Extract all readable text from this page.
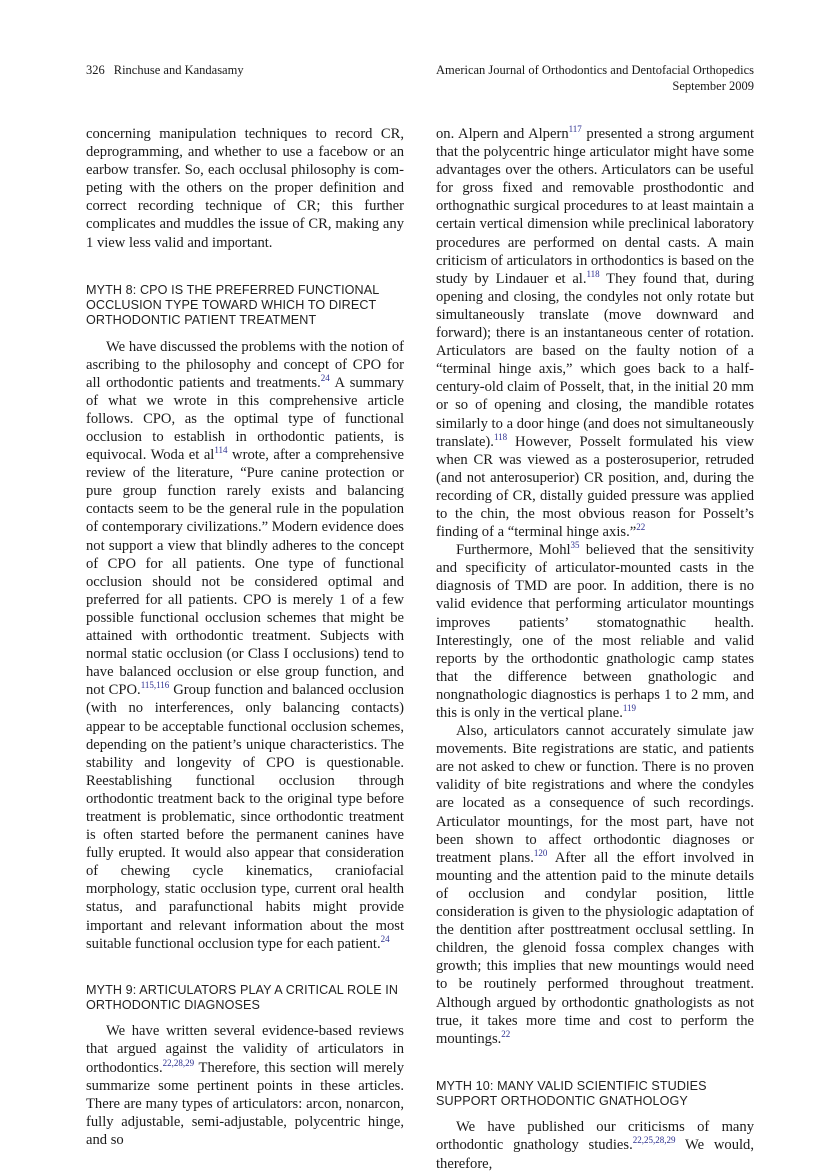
326 Rinchuse and Kandasamy	American Journal of Orthodontics and Dentofacial Orthopedics
September 2009

concerning manipulation techniques to record CR, deprogramming, and whether to use a facebow or an earbow transfer. So, each occlusal philosophy is competing with the others on the proper definition and correct recording technique of CR; this further complicates and muddles the issue of CR, making any 1 view less valid and important.

MYTH 8: CPO IS THE PREFERRED FUNCTIONAL OCCLUSION TYPE TOWARD WHICH TO DIRECT ORTHODONTIC PATIENT TREATMENT

We have discussed the problems with the notion of ascribing to the philosophy and concept of CPO for all orthodontic patients and treatments.$^{24}$ A summary of what we wrote in this comprehensive article follows. CPO, as the optimal type of functional occlusion to establish in orthodontic patients, is equivocal. Woda et $al^{114}$ wrote, after a comprehensive review of the literature, “Pure canine protection or pure group function rarely exists and balancing contacts seem to be the general rule in the population of contemporary civilizations.” Modern evidence does not support a view that blindly adheres to the concept of CPO for all patients. One type of functional occlusion should not be considered optimal and preferred for all patients. CPO is merely 1 of a few possible functional occlusion schemes that might be attained with orthodontic treatment. Subjects with normal static occlusion (or Class I occlusions) tend to have balanced occlusion or else group function, and not CPO.$^{115,116}$ Group function and balanced occlusion (with no interferences, only balancing contacts) appear to be acceptable functional occlusion schemes, depending on the patient’s unique characteristics. The stability and longevity of CPO is questionable. Reestablishing functional occlusion through orthodontic treatment back to the original type before treatment is problematic, since orthodontic treatment is often started before the permanent canines have fully erupted. It would also appear that consideration of chewing cycle kinematics, craniofacial morphology, static occlusion type, current oral health status, and parafunctional habits might provide important and relevant information about the most suitable functional occlusion type for each patient.$^{24}$

MYTH 9: ARTICULATORS PLAY A CRITICAL ROLE IN ORTHODONTIC DIAGNOSES

We have written several evidence-based reviews that argued against the validity of articulators in orthodontics.$^{22,28,29}$ Therefore, this section will merely summarize some pertinent points in these articles. There are many types of articulators: arcon, nonarcon, fully adjustable, semi-adjustable, polycentric hinge, and so

on. Alpern and Alpern$^{117}$ presented a strong argument that the polycentric hinge articulator might have some advantages over the others. Articulators can be useful for gross fixed and removable prosthodontic and orthognathic surgical procedures to at least maintain a certain vertical dimension while preclinical laboratory procedures are performed on dental casts. A main criticism of articulators in orthodontics is based on the study by Lindauer et al.$^{118}$ They found that, during opening and closing, the condyles not only rotate but simultaneously translate (move downward and forward); there is an instantaneous center of rotation. Articulators are based on the faulty notion of a “terminal hinge axis,” which goes back to a half-century-old claim of Posselt, that, in the initial 20 mm or so of opening and closing, the mandible rotates similarly to a door hinge (and does not simultaneously translate).$^{118}$ However, Posselt formulated his view when CR was viewed as a posterosuperior, retruded (and not anterosuperior) CR position, and, during the recording of CR, distally guided pressure was applied to the chin, the most obvious reason for Posselt’s finding of a “terminal hinge axis.”$^{22}$

Furthermore, Mohl$^{35}$ believed that the sensitivity and specificity of articulator-mounted casts in the diagnosis of TMD are poor. In addition, there is no valid evidence that performing articulator mountings improves patients’ stomatognathic health. Interestingly, one of the most reliable and valid reports by the orthodontic gnathologic camp states that the difference between gnathologic and nongnathologic diagnostics is perhaps 1 to 2 mm, and this is only in the vertical plane.$^{119}$

Also, articulators cannot accurately simulate jaw movements. Bite registrations are static, and patients are not asked to chew or function. There is no proven validity of bite registrations and where the condyles are located as a consequence of such recordings. Articulator mountings, for the most part, have not been shown to affect orthodontic diagnoses or treatment plans.$^{120}$ After all the effort involved in mounting and the attention paid to the minute details of occlusion and condylar position, little consideration is given to the physiologic adaptation of the dentition after posttreatment occlusal settling. In children, the glenoid fossa complex changes with growth; this implies that new mountings would need to be routinely performed throughout treatment. Although argued by orthodontic gnathologists as not true, it takes more time and cost to perform the mountings.$^{22}$

MYTH 10: MANY VALID SCIENTIFIC STUDIES SUPPORT ORTHODONTIC GNATHOLOGY

We have published our criticisms of many orthodontic gnathology studies.$^{22,25,28,29}$ We would, therefore,
